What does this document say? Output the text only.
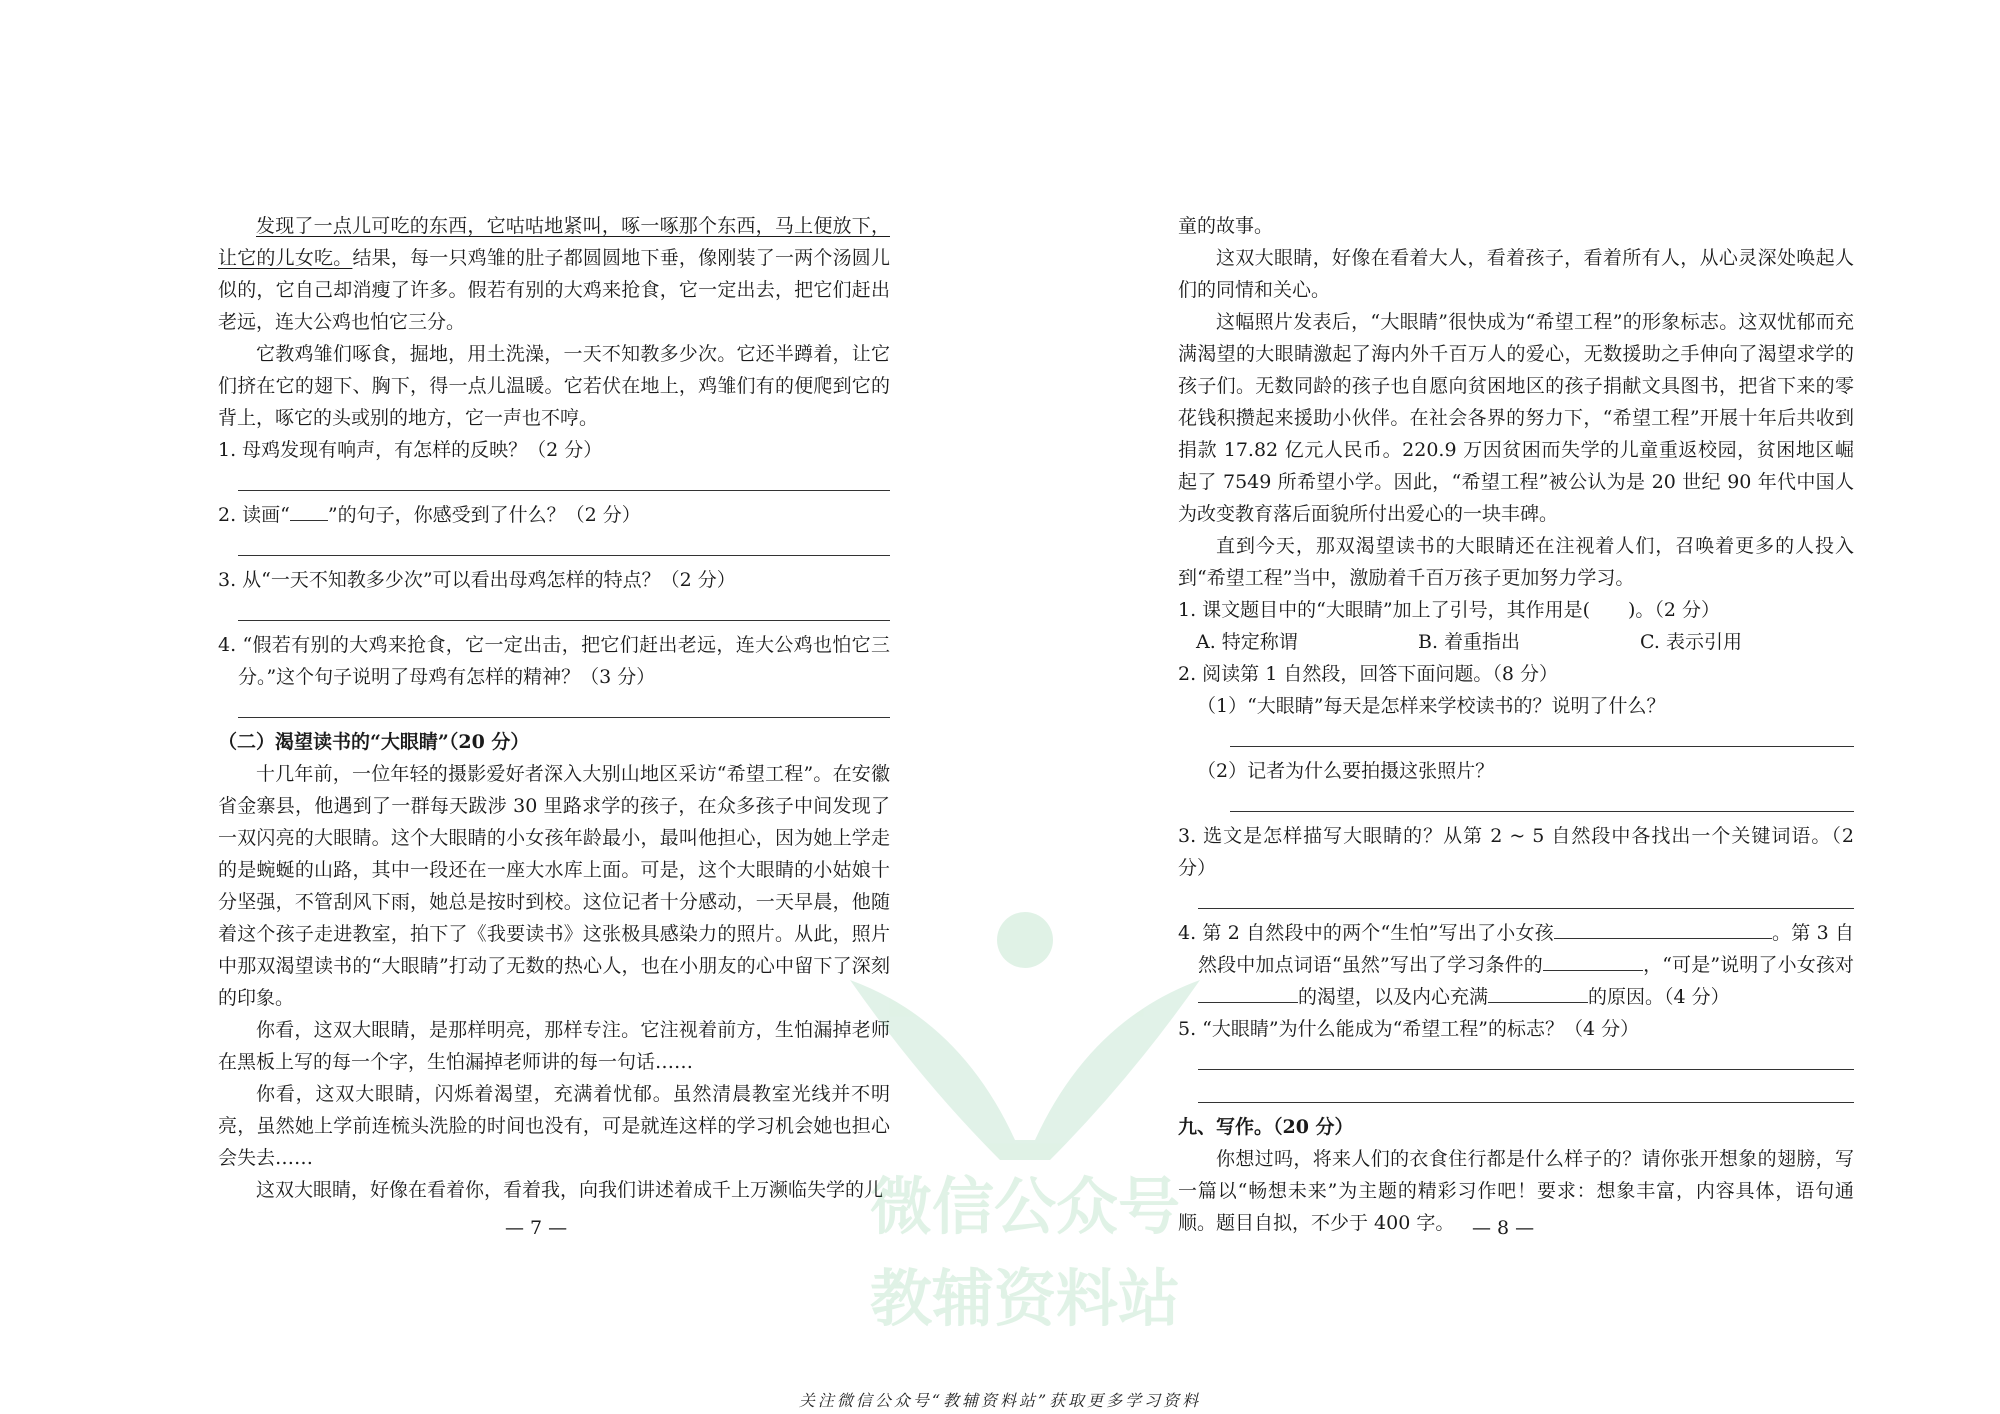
发现了一点儿可吃的东西，它咕咕地紧叫，啄一啄那个东西，马上便放下，让它的儿女吃。结果，每一只鸡雏的肚子都圆圆地下垂，像刚装了一两个汤圆儿似的，它自己却消瘦了许多。假若有别的大鸡来抢食，它一定出去，把它们赶出老远，连大公鸡也怕它三分。

它教鸡雏们啄食，掘地，用土洗澡，一天不知教多少次。它还半蹲着，让它们挤在它的翅下、胸下，得一点儿温暖。它若伏在地上，鸡雏们有的便爬到它的背上，啄它的头或别的地方，它一声也不哼。

1. 母鸡发现有响声，有怎样的反映？（2 分）

2. 读画“ ”的句子，你感受到了什么？（2 分）

3. 从“一天不知教多少次”可以看出母鸡怎样的特点？（2 分）

4. “假若有别的大鸡来抢食，它一定出击，把它们赶出老远，连大公鸡也怕它三分。”这个句子说明了母鸡有怎样的精神？（3 分）

（二）渴望读书的“大眼睛”（20 分）

十几年前，一位年轻的摄影爱好者深入大别山地区采访“希望工程”。在安徽省金寨县，他遇到了一群每天跋涉 30 里路求学的孩子，在众多孩子中间发现了一双闪亮的大眼睛。这个大眼睛的小女孩年龄最小，最叫他担心，因为她上学走的是蜿蜒的山路，其中一段还在一座大水库上面。可是，这个大眼睛的小姑娘十分坚强，不管刮风下雨，她总是按时到校。这位记者十分感动，一天早晨，他随着这个孩子走进教室，拍下了《我要读书》这张极具感染力的照片。从此，照片中那双渴望读书的“大眼睛”打动了无数的热心人，也在小朋友的心中留下了深刻的印象。

你看，这双大眼睛，是那样明亮，那样专注。它注视着前方，生怕漏掉老师在黑板上写的每一个字，生怕漏掉老师讲的每一句话……

你看，这双大眼睛，闪烁着渴望，充满着忧郁。虽然清晨教室光线并不明亮，虽然她上学前连梳头洗脸的时间也没有，可是就连这样的学习机会她也担心会失去……

这双大眼睛，好像在看着你，看着我，向我们讲述着成千上万濒临失学的儿

— 7 —

童的故事。

这双大眼睛，好像在看着大人，看着孩子，看着所有人，从心灵深处唤起人们的同情和关心。

这幅照片发表后，“大眼睛”很快成为“希望工程”的形象标志。这双忧郁而充满渴望的大眼睛激起了海内外千百万人的爱心，无数援助之手伸向了渴望求学的孩子们。无数同龄的孩子也自愿向贫困地区的孩子捐献文具图书，把省下来的零花钱积攒起来援助小伙伴。在社会各界的努力下，“希望工程”开展十年后共收到捐款 17.82 亿元人民币。220.9 万因贫困而失学的儿童重返校园，贫困地区崛起了 7549 所希望小学。因此，“希望工程”被公认为是 20 世纪 90 年代中国人为改变教育落后面貌所付出爱心的一块丰碑。

直到今天，那双渴望读书的大眼睛还在注视着人们，召唤着更多的人投入到“希望工程”当中，激励着千百万孩子更加努力学习。

1. 课文题目中的“大眼睛”加上了引号，其作用是(　　)。（2 分）

A. 特定称谓	B. 着重指出	C. 表示引用

2. 阅读第 1 自然段，回答下面问题。（8 分）

（1）“大眼睛”每天是怎样来学校读书的？说明了什么？

（2）记者为什么要拍摄这张照片？

3. 选文是怎样描写大眼睛的？从第 2 ~ 5 自然段中各找出一个关键词语。（2 分）

4. 第 2 自然段中的两个“生怕”写出了小女孩	。第 3 自然段中加点词语“虽然”写出了学习条件的	，“可是”说明了小女孩对的渴望，以及内心充满	的原因。（4 分）

5. “大眼睛”为什么能成为“希望工程”的标志？（4 分）

九、写作。（20 分）

你想过吗，将来人们的衣食住行都是什么样子的？请你张开想象的翅膀，写一篇以“畅想未来”为主题的精彩习作吧！要求：想象丰富，内容具体，语句通顺。题目自拟，不少于 400 字。 — 8 —
微信公众号
教辅资料站
关注微信公众号“教辅资料站”获取更多学习资料
